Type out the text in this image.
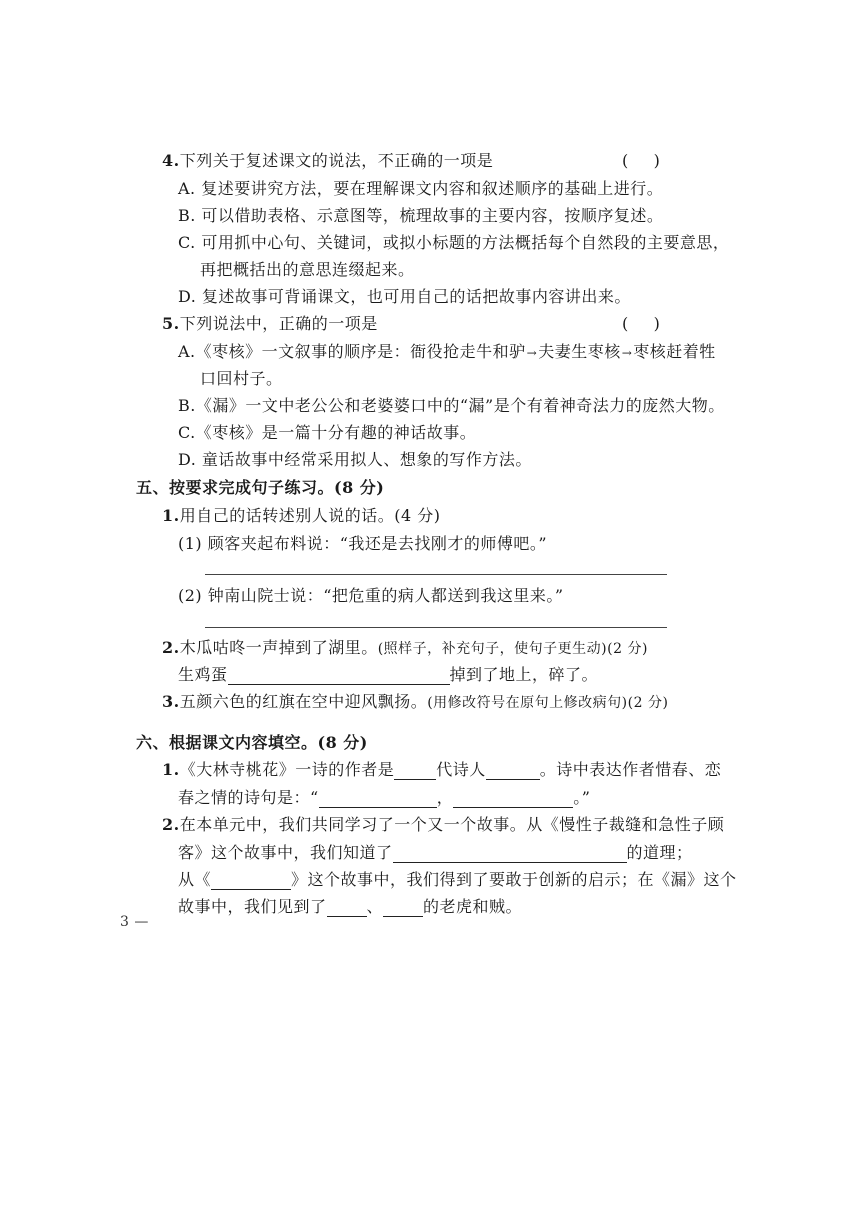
4.下列关于复述课文的说法，不正确的一项是	(     )
A. 复述要讲究方法，要在理解课文内容和叙述顺序的基础上进行。
B. 可以借助表格、示意图等，梳理故事的主要内容，按顺序复述。
C. 可用抓中心句、关键词，或拟小标题的方法概括每个自然段的主要意思，
再把概括出的意思连缀起来。
D. 复述故事可背诵课文，也可用自己的话把故事内容讲出来。
5.下列说法中，正确的一项是	(     )
A.《枣核》一文叙事的顺序是：衙役抢走牛和驴→夫妻生枣核→枣核赶着牲
口回村子。
B.《漏》一文中老公公和老婆婆口中的“漏”是个有着神奇法力的庞然大物。
C.《枣核》是一篇十分有趣的神话故事。
D. 童话故事中经常采用拟人、想象的写作方法。
五、按要求完成句子练习。(8 分)
1.用自己的话转述别人说的话。(4 分)
(1) 顾客夹起布料说：“我还是去找刚才的师傅吧。”
(2) 钟南山院士说：“把危重的病人都送到我这里来。”
2.木瓜咕咚一声掉到了湖里。(照样子，补充句子，使句子更生动)(2 分)
生鸡蛋	掉到了地上，碎了。
3.五颜六色的红旗在空中迎风飘扬。(用修改符号在原句上修改病句)(2 分)
六、根据课文内容填空。(8 分)
1.《大林寺桃花》一诗的作者是	代诗人	。诗中表达作者惜春、恋
春之情的诗句是：“	，	。”
2.在本单元中，我们共同学习了一个又一个故事。从《慢性子裁缝和急性子顾
客》这个故事中，我们知道了	的道理；
从《	》这个故事中，我们得到了要敢于创新的启示；在《漏》这个
故事中，我们见到了	、	的老虎和贼。
3 —
